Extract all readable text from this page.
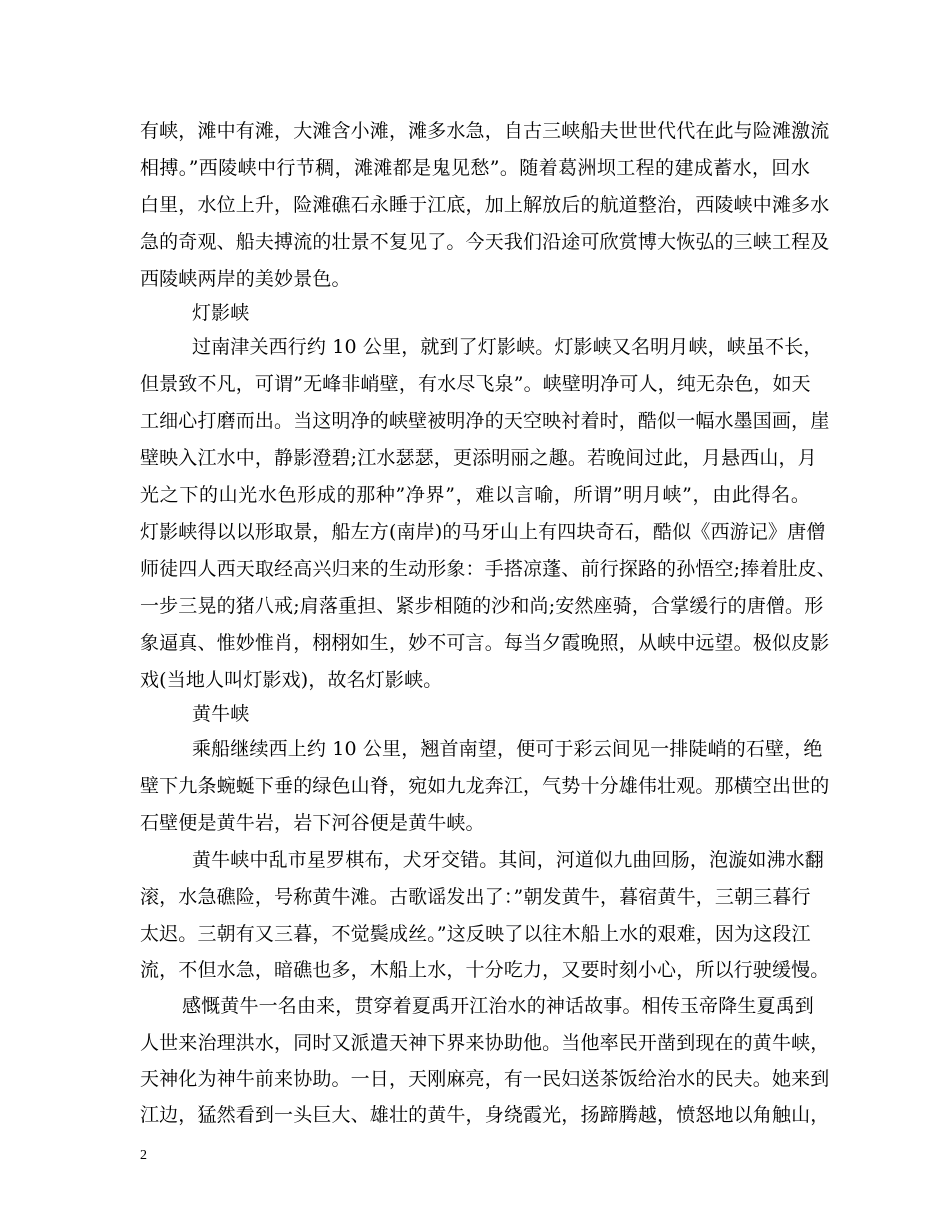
有峡，滩中有滩，大滩含小滩，滩多水急，自古三峡船夫世世代代在此与险滩激流
相搏。”西陵峡中行节稠，滩滩都是鬼见愁”。随着葛洲坝工程的建成蓄水，回水
白里，水位上升，险滩礁石永睡于江底，加上解放后的航道整治，西陵峡中滩多水
急的奇观、船夫搏流的壮景不复见了。今天我们沿途可欣赏博大恢弘的三峡工程及
西陵峡两岸的美妙景色。
灯影峡
过南津关西行约 10 公里，就到了灯影峡。灯影峡又名明月峡，峡虽不长，
但景致不凡，可谓”无峰非峭壁，有水尽飞泉”。峡壁明净可人，纯无杂色，如天
工细心打磨而出。当这明净的峡壁被明净的天空映衬着时，酷似一幅水墨国画，崖
壁映入江水中，静影澄碧;江水瑟瑟，更添明丽之趣。若晚间过此，月悬西山，月
光之下的山光水色形成的那种”净界”，难以言喻，所谓”明月峡”，由此得名。
灯影峡得以以形取景，船左方(南岸)的马牙山上有四块奇石，酷似《西游记》唐僧
师徒四人西天取经高兴归来的生动形象：手搭凉蓬、前行探路的孙悟空;捧着肚皮、
一步三晃的猪八戒;肩落重担、紧步相随的沙和尚;安然座骑，合掌缓行的唐僧。形
象逼真、惟妙惟肖，栩栩如生，妙不可言。每当夕霞晚照，从峡中远望。极似皮影
戏(当地人叫灯影戏)，故名灯影峡。
黄牛峡
乘船继续西上约 10 公里，翘首南望，便可于彩云间见一排陡峭的石壁，绝
壁下九条蜿蜒下垂的绿色山脊，宛如九龙奔江，气势十分雄伟壮观。那横空出世的
石壁便是黄牛岩，岩下河谷便是黄牛峡。
黄牛峡中乱市星罗棋布，犬牙交错。其间，河道似九曲回肠，泡漩如沸水翻
滚，水急礁险，号称黄牛滩。古歌谣发出了：”朝发黄牛，暮宿黄牛，三朝三暮行
太迟。三朝有又三暮，不觉鬓成丝。”这反映了以往木船上水的艰难，因为这段江
流，不但水急，暗礁也多，木船上水，十分吃力，又要时刻小心，所以行驶缓慢。
感慨黄牛一名由来，贯穿着夏禹开江治水的神话故事。相传玉帝降生夏禹到
人世来治理洪水，同时又派遣天神下界来协助他。当他率民开凿到现在的黄牛峡，
天神化为神牛前来协助。一日，天刚麻亮，有一民妇送茶饭给治水的民夫。她来到
江边，猛然看到一头巨大、雄壮的黄牛，身绕霞光，扬蹄腾越，愤怒地以角触山，
2
